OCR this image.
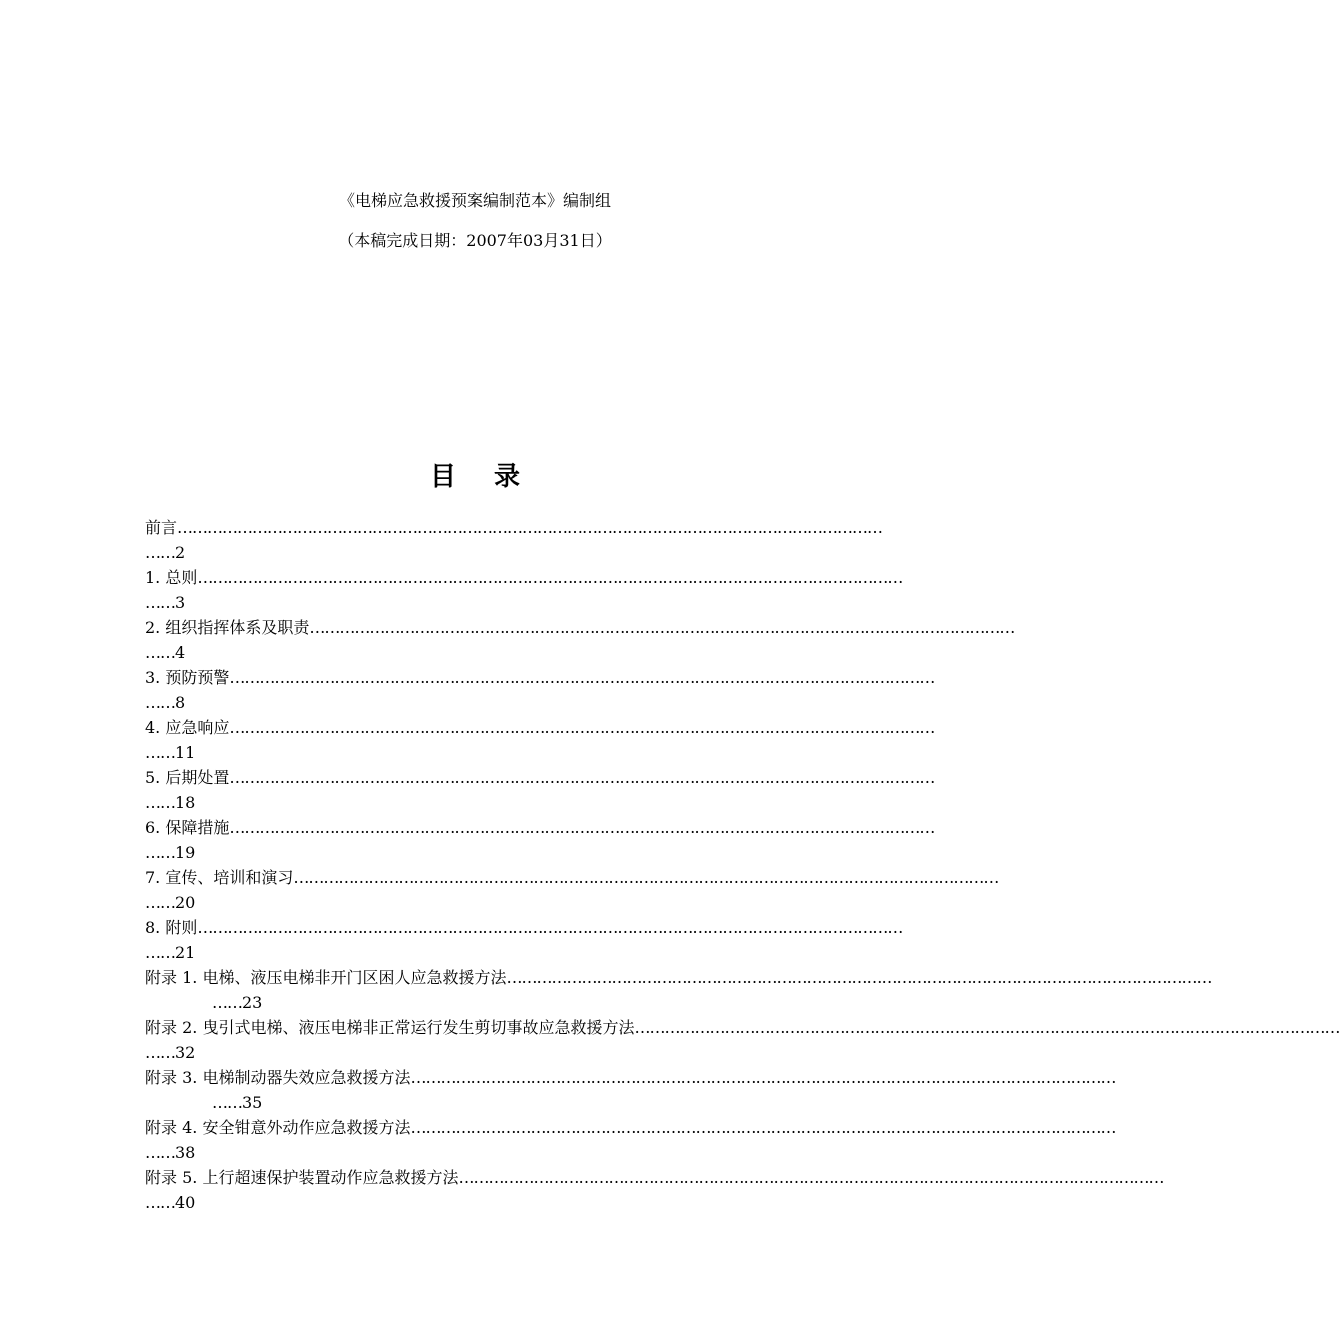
《电梯应急救援预案编制范本》编制组
（本稿完成日期：2007年03月31日）
目录
前言 ……………………………………………………………………………………………………………………………
……2
1. 总则 ……………………………………………………………………………………………………………………………
……3
2. 组织指挥体系及职责 ……………………………………………………………………………………………………………………………
……4
3. 预防预警 ……………………………………………………………………………………………………………………………
……8
4. 应急响应 ……………………………………………………………………………………………………………………………
……11
5. 后期处置 ……………………………………………………………………………………………………………………………
……18
6. 保障措施 ……………………………………………………………………………………………………………………………
……19
7. 宣传、培训和演习 ……………………………………………………………………………………………………………………………
……20
8. 附则 ……………………………………………………………………………………………………………………………
……21
附录 1. 电梯、液压电梯非开门区困人应急救援方法 ……………………………………………………………………………………………………………………………
……23
附录 2. 曳引式电梯、液压电梯非正常运行发生剪切事故应急救援方法 ……………………………………………………………………………………………………………………………
……32
附录 3. 电梯制动器失效应急救援方法 ……………………………………………………………………………………………………………………………
……35
附录 4. 安全钳意外动作应急救援方法 ……………………………………………………………………………………………………………………………
……38
附录 5. 上行超速保护装置动作应急救援方法 ……………………………………………………………………………………………………………………………
……40
